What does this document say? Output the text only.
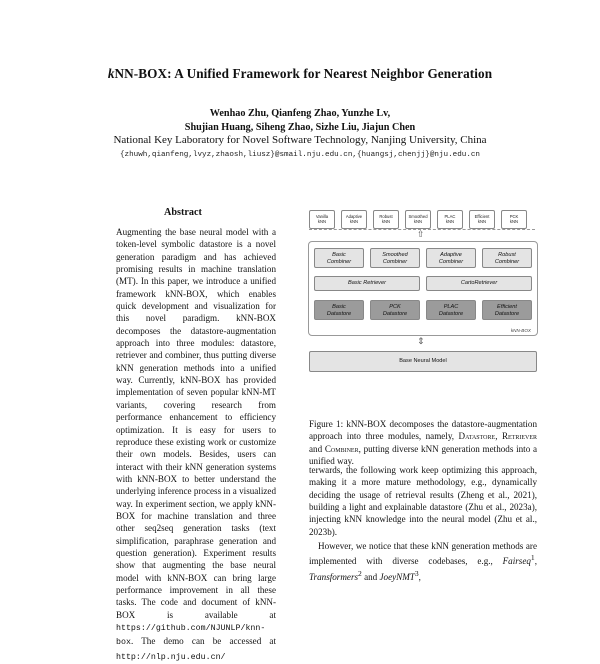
kNN-BOX: A Unified Framework for Nearest Neighbor Generation
Wenhao Zhu, Qianfeng Zhao, Yunzhe Lv,
Shujian Huang, Siheng Zhao, Sizhe Liu, Jiajun Chen
National Key Laboratory for Novel Software Technology, Nanjing University, China
{zhuwh,qianfeng,lvyz,zhaosh,liusz}@smail.nju.edu.cn,{huangsj,chenjj}@nju.edu.cn
Abstract

Augmenting the base neural model with a token-level symbolic datastore is a novel generation paradigm and has achieved promising results in machine translation (MT). In this paper, we introduce a unified framework kNN-BOX, which enables quick development and visualization for this novel paradigm. kNN-BOX decomposes the datastore-augmentation approach into three modules: datastore, retriever and combiner, thus putting diverse kNN generation methods into a unified way. Currently, kNN-BOX has provided implementation of seven popular kNN-MT variants, covering research from performance enhancement to efficiency optimization. It is easy for users to reproduce these existing work or customize their own models. Besides, users can interact with their kNN generation systems with kNN-BOX to better understand the underlying inference process in a visualized way. In experiment section, we apply kNN-BOX for machine translation and three other seq2seq generation tasks (text simplification, paraphrase generation and question generation). Experiment results show that augmenting the base neural model with kNN-BOX can bring large performance improvement in all these tasks. The code and document of kNN-BOX is available at https://github.com/NJUNLP/knn-box. The demo can be accessed at http://nlp.nju.edu.cn/

Vanilla
kNN
Adaptive
kNN
Robust
kNN
Smoothed
kNN
PLAC
kNN
Efficient
kNN
PCK
kNN
⇧
Basic
Combiner
Smoothed
Combiner
Adaptive
Combiner
Robust
Combiner
Basic Retriever	CartoRetriever
Basic
Datastore
PCK
Datastore
PLAC
Datastore
Efficient
Datastore
kNN-BOX
⇕
Base Neural Model
Figure 1: kNN-BOX decomposes the datastore-augmentation approach into three modules, namely, Datastore, Retriever and Combiner, putting diverse kNN generation methods into a unified way.

terwards, the following work keep optimizing this approach, making it a more mature methodology, e.g., dynamically deciding the usage of retrieval results (Zheng et al., 2021), building a light and explainable datastore (Zhu et al., 2023a), injecting kNN knowledge into the neural model (Zhu et al., 2023b).

However, we notice that these kNN generation methods are implemented with diverse codebases, e.g., Fairseq$^1$, Transformers$^2$ and JoeyNMT$^3$,
